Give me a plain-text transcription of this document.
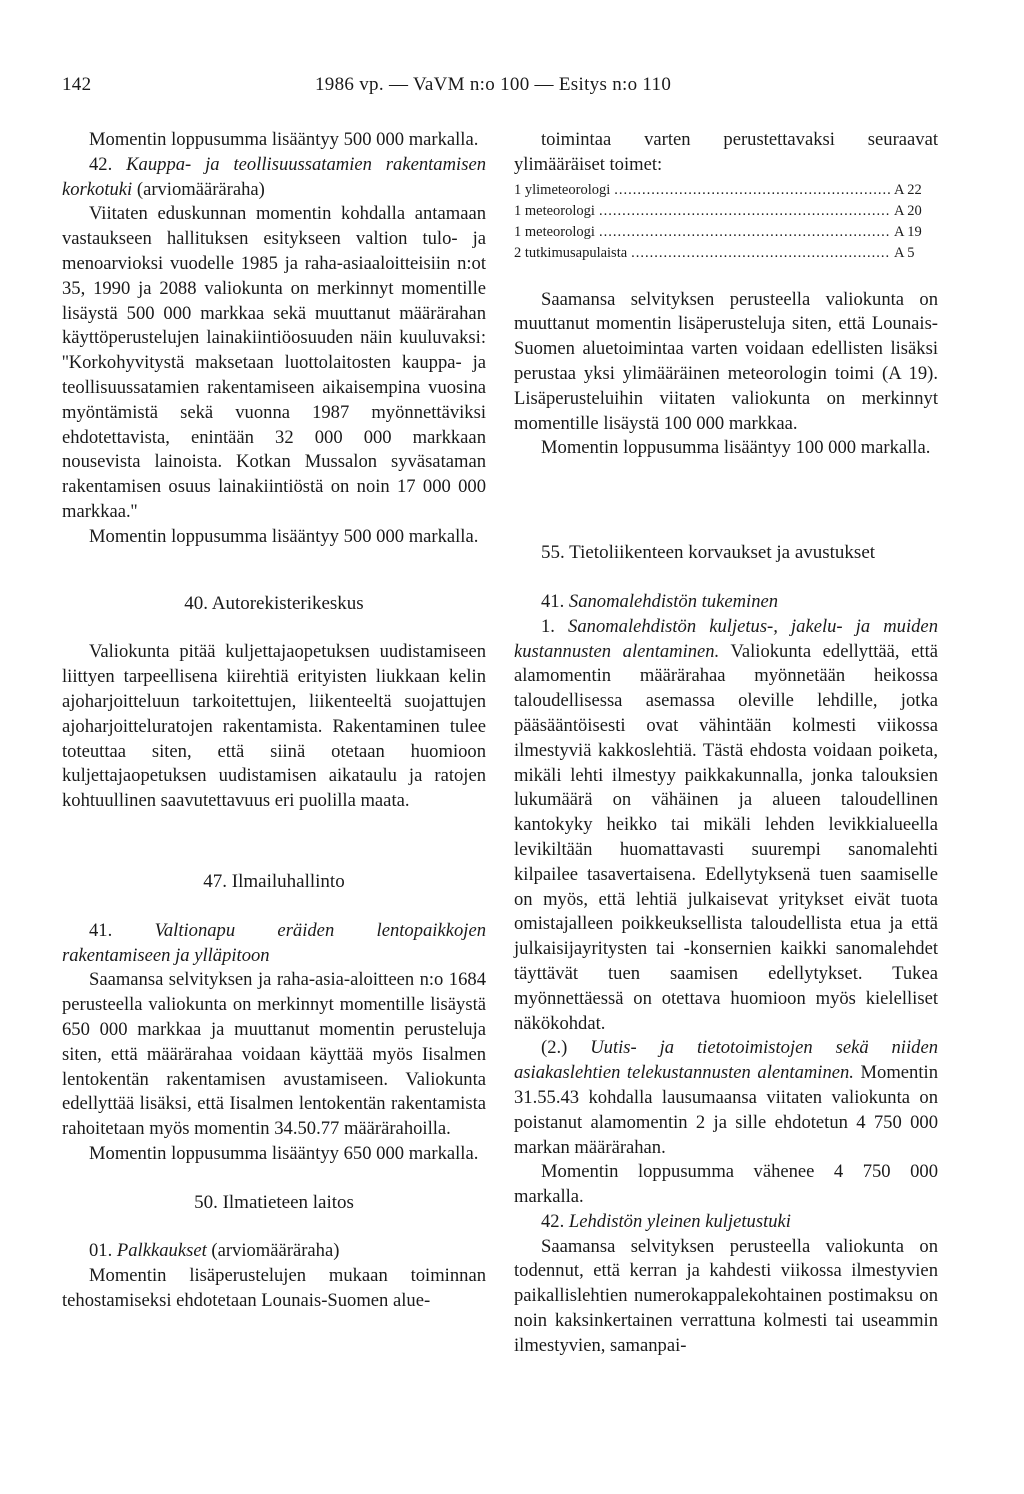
142	1986 vp. — VaVM n:o 100 — Esitys n:o 110

Momentin loppusumma lisääntyy 500 000 markalla.

42. Kauppa- ja teollisuussatamien rakentamisen korkotuki (arviomääräraha)

Viitaten eduskunnan momentin kohdalla antamaan vastaukseen hallituksen esitykseen valtion tulo- ja menoarvioksi vuodelle 1985 ja raha-asiaaloitteisiin n:ot 35, 1990 ja 2088 valiokunta on merkinnyt momentille lisäystä 500 000 markkaa sekä muuttanut määrärahan käyttöperustelujen lainakiintiöosuuden näin kuuluvaksi: ''Korkohyvitystä maksetaan luottolaitosten kauppa- ja teollisuussatamien rakentamiseen aikaisempina vuosina myöntämistä sekä vuonna 1987 myönnettäviksi ehdotettavista, enintään 32 000 000 markkaan nousevista lainoista. Kotkan Mussalon syväsataman rakentamisen osuus lainakiintiöstä on noin 17 000 000 markkaa.''

Momentin loppusumma lisääntyy 500 000 markalla.

40. Autorekisterikeskus

Valiokunta pitää kuljettajaopetuksen uudistamiseen liittyen tarpeellisena kiirehtiä erityisten liukkaan kelin ajoharjoitteluun tarkoitettujen, liikenteeltä suojattujen ajoharjoitteluratojen rakentamista. Rakentaminen tulee toteuttaa siten, että siinä otetaan huomioon kuljettajaopetuksen uudistamisen aikataulu ja ratojen kohtuullinen saavutettavuus eri puolilla maata.

47. Ilmailuhallinto

41. Valtionapu eräiden lentopaikkojen rakentamiseen ja ylläpitoon

Saamansa selvityksen ja raha-asia-aloitteen n:o 1684 perusteella valiokunta on merkinnyt momentille lisäystä 650 000 markkaa ja muuttanut momentin perusteluja siten, että määrärahaa voidaan käyttää myös Iisalmen lentokentän rakentamisen avustamiseen. Valiokunta edellyttää lisäksi, että Iisalmen lentokentän rakentamista rahoitetaan myös momentin 34.50.77 määrärahoilla.

Momentin loppusumma lisääntyy 650 000 markalla.

50. Ilmatieteen laitos

01. Palkkaukset (arviomääräraha)

Momentin lisäperustelujen mukaan toiminnan tehostamiseksi ehdotetaan Lounais-Suomen alue-

toimintaa varten perustettavaksi seuraavat ylimääräiset toimet:

1 ylimeteorologi .....	A 22
1 meteorologi .....	A 20
1 meteorologi .....	A 19
2 tutkimusapulaista .....	A 5

Saamansa selvityksen perusteella valiokunta on muuttanut momentin lisäperusteluja siten, että Lounais-Suomen aluetoimintaa varten voidaan edellisten lisäksi perustaa yksi ylimääräinen meteorologin toimi (A 19). Lisäperusteluihin viitaten valiokunta on merkinnyt momentille lisäystä 100 000 markkaa.

Momentin loppusumma lisääntyy 100 000 markalla.

55. Tietoliikenteen korvaukset ja avustukset

41. Sanomalehdistön tukeminen

1. Sanomalehdistön kuljetus-, jakelu- ja muiden kustannusten alentaminen. Valiokunta edellyttää, että alamomentin määrärahaa myönnetään heikossa taloudellisessa asemassa oleville lehdille, jotka pääsääntöisesti ovat vähintään kolmesti viikossa ilmestyviä kakkoslehtiä. Tästä ehdosta voidaan poiketa, mikäli lehti ilmestyy paikkakunnalla, jonka talouksien lukumäärä on vähäinen ja alueen taloudellinen kantokyky heikko tai mikäli lehden levikkialueella levikiltään huomattavasti suurempi sanomalehti kilpailee tasavertaisena. Edellytyksenä tuen saamiselle on myös, että lehtiä julkaisevat yritykset eivät tuota omistajalleen poikkeuksellista taloudellista etua ja että julkaisijayritysten tai -konsernien kaikki sanomalehdet täyttävät tuen saamisen edellytykset. Tukea myönnettäessä on otettava huomioon myös kielelliset näkökohdat.

(2.) Uutis- ja tietotoimistojen sekä niiden asiakaslehtien telekustannusten alentaminen. Momentin 31.55.43 kohdalla lausumaansa viitaten valiokunta on poistanut alamomentin 2 ja sille ehdotetun 4 750 000 markan määrärahan.

Momentin loppusumma vähenee 4 750 000 markalla.

42. Lehdistön yleinen kuljetustuki

Saamansa selvityksen perusteella valiokunta on todennut, että kerran ja kahdesti viikossa ilmestyvien paikallislehtien numerokappalekohtainen postimaksu on noin kaksinkertainen verrattuna kolmesti tai useammin ilmestyvien, samanpai-
